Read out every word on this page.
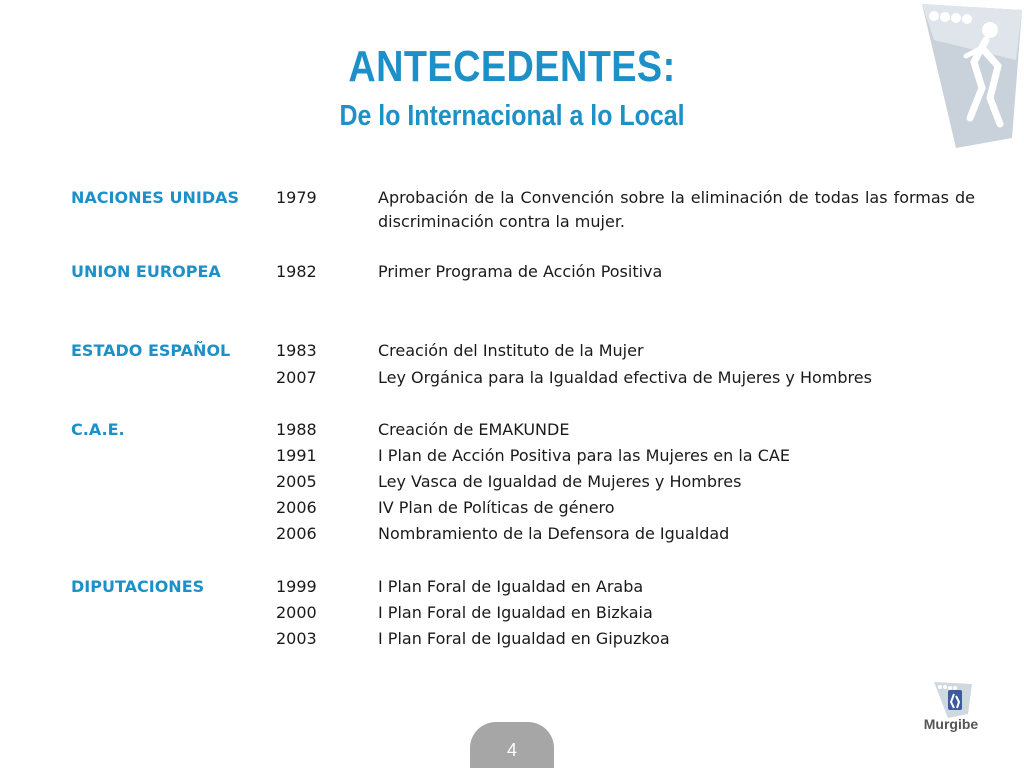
ANTECEDENTES:
De lo Internacional a lo Local
NACIONES UNIDAS 1979	Aprobación de la Convención sobre la eliminación de todas las formas de discriminación contra la mujer.
UNION EUROPEA	1982	Primer Programa de Acción Positiva
ESTADO ESPAÑOL	1983	Creación del Instituto de la Mujer
2007	Ley Orgánica para la Igualdad efectiva de Mujeres y Hombres
C.A.E.	1988	Creación de EMAKUNDE
1991	I Plan de Acción Positiva para las Mujeres en la CAE
2005	Ley Vasca de Igualdad de Mujeres y Hombres
2006	IV Plan de Políticas de género
2006	Nombramiento de la Defensora de Igualdad
DIPUTACIONES	1999	I Plan Foral de Igualdad en Araba
2000	I Plan Foral de Igualdad en Bizkaia
2003	I Plan Foral de Igualdad en Gipuzkoa
Murgibe
4
